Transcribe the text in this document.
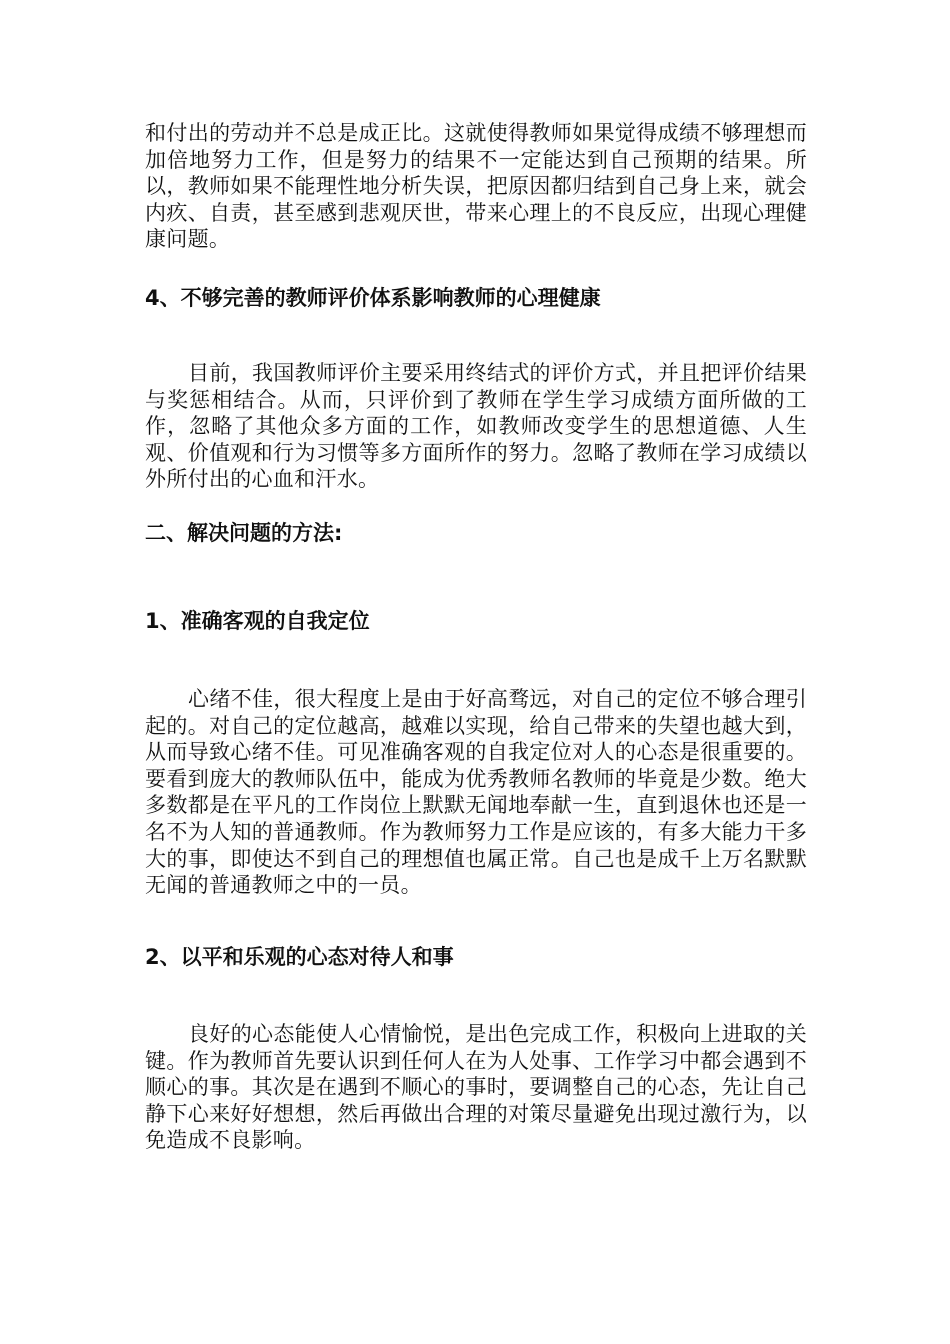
和付出的劳动并不总是成正比。这就使得教师如果觉得成绩不够理想而加倍地努力工作，但是努力的结果不一定能达到自己预期的结果。所以，教师如果不能理性地分析失误，把原因都归结到自己身上来，就会内疚、自责，甚至感到悲观厌世，带来心理上的不良反应，出现心理健康问题。

4、不够完善的教师评价体系影响教师的心理健康

目前，我国教师评价主要采用终结式的评价方式，并且把评价结果与奖惩相结合。从而，只评价到了教师在学生学习成绩方面所做的工作，忽略了其他众多方面的工作，如教师改变学生的思想道德、人生观、价值观和行为习惯等多方面所作的努力。忽略了教师在学习成绩以外所付出的心血和汗水。

二、解决问题的方法:
1、准确客观的自我定位

心绪不佳，很大程度上是由于好高骛远，对自己的定位不够合理引起的。对自己的定位越高，越难以实现，给自己带来的失望也越大到，从而导致心绪不佳。可见准确客观的自我定位对人的心态是很重要的。要看到庞大的教师队伍中，能成为优秀教师名教师的毕竟是少数。绝大多数都是在平凡的工作岗位上默默无闻地奉献一生，直到退休也还是一名不为人知的普通教师。作为教师努力工作是应该的，有多大能力干多大的事，即使达不到自己的理想值也属正常。自己也是成千上万名默默无闻的普通教师之中的一员。

2、以平和乐观的心态对待人和事

良好的心态能使人心情愉悦，是出色完成工作，积极向上进取的关键。作为教师首先要认识到任何人在为人处事、工作学习中都会遇到不顺心的事。其次是在遇到不顺心的事时，要调整自己的心态，先让自己静下心来好好想想，然后再做出合理的对策尽量避免出现过激行为，以免造成不良影响。
